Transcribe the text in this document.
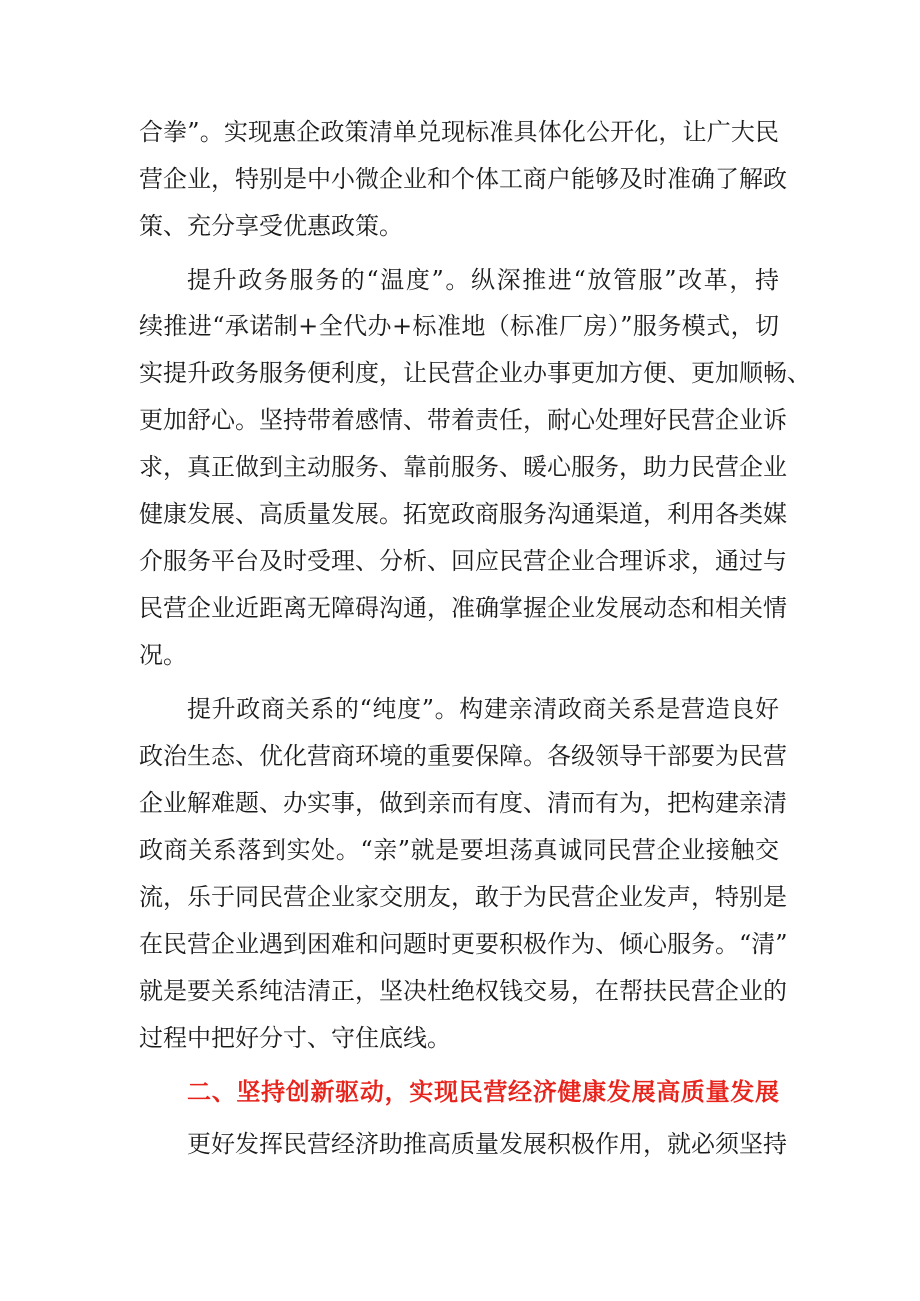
合拳”。实现惠企政策清单兑现标准具体化公开化，让广大民
营企业，特别是中小微企业和个体工商户能够及时准确了解政
策、充分享受优惠政策。
提升政务服务的“温度”。纵深推进“放管服”改革，持
续推进“承诺制+全代办+标准地（标准厂房）”服务模式，切
实提升政务服务便利度，让民营企业办事更加方便、更加顺畅、
更加舒心。坚持带着感情、带着责任，耐心处理好民营企业诉
求，真正做到主动服务、靠前服务、暖心服务，助力民营企业
健康发展、高质量发展。拓宽政商服务沟通渠道，利用各类媒
介服务平台及时受理、分析、回应民营企业合理诉求，通过与
民营企业近距离无障碍沟通，准确掌握企业发展动态和相关情
况。
提升政商关系的“纯度”。构建亲清政商关系是营造良好
政治生态、优化营商环境的重要保障。各级领导干部要为民营
企业解难题、办实事，做到亲而有度、清而有为，把构建亲清
政商关系落到实处。“亲”就是要坦荡真诚同民营企业接触交
流，乐于同民营企业家交朋友，敢于为民营企业发声，特别是
在民营企业遇到困难和问题时更要积极作为、倾心服务。“清”
就是要关系纯洁清正，坚决杜绝权钱交易，在帮扶民营企业的
过程中把好分寸、守住底线。
二、坚持创新驱动，实现民营经济健康发展高质量发展
更好发挥民营经济助推高质量发展积极作用，就必须坚持
